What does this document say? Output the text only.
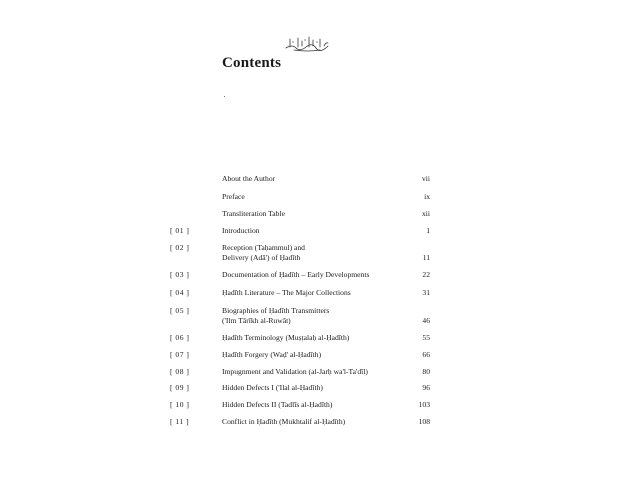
Contents
About the Author	vii
Preface	ix
Transliteration Table	xii
[ 01 ]	Introduction	1
[ 02 ]	Reception (Taḥammul) and
Delivery (Adā') of Ḥadīth	11
[ 03 ]	Documentation of Ḥadīth – Early Developments	22
[ 04 ]	Ḥadīth Literature – The Major Collections	31
[ 05 ]	Biographies of Ḥadīth Transmitters
('Ilm Tārīkh al-Ruwāt)	46
[ 06 ]	Ḥadīth Terminology (Muṣṭalaḥ al-Ḥadīth)	55
[ 07 ]	Ḥadīth Forgery (Waḍ' al-Ḥadīth)	66
[ 08 ]	Impugnment and Validation (al-Jarḥ wa'l-Ta'dīl)	80
[ 09 ]	Hidden Defects I ('Ilal al-Ḥadīth)	96
[ 10 ]	Hidden Defects II (Tadlīs al-Ḥadīth)	103
[ 11 ]	Conflict in Ḥadīth (Mukhtalif al-Ḥadīth)	108
